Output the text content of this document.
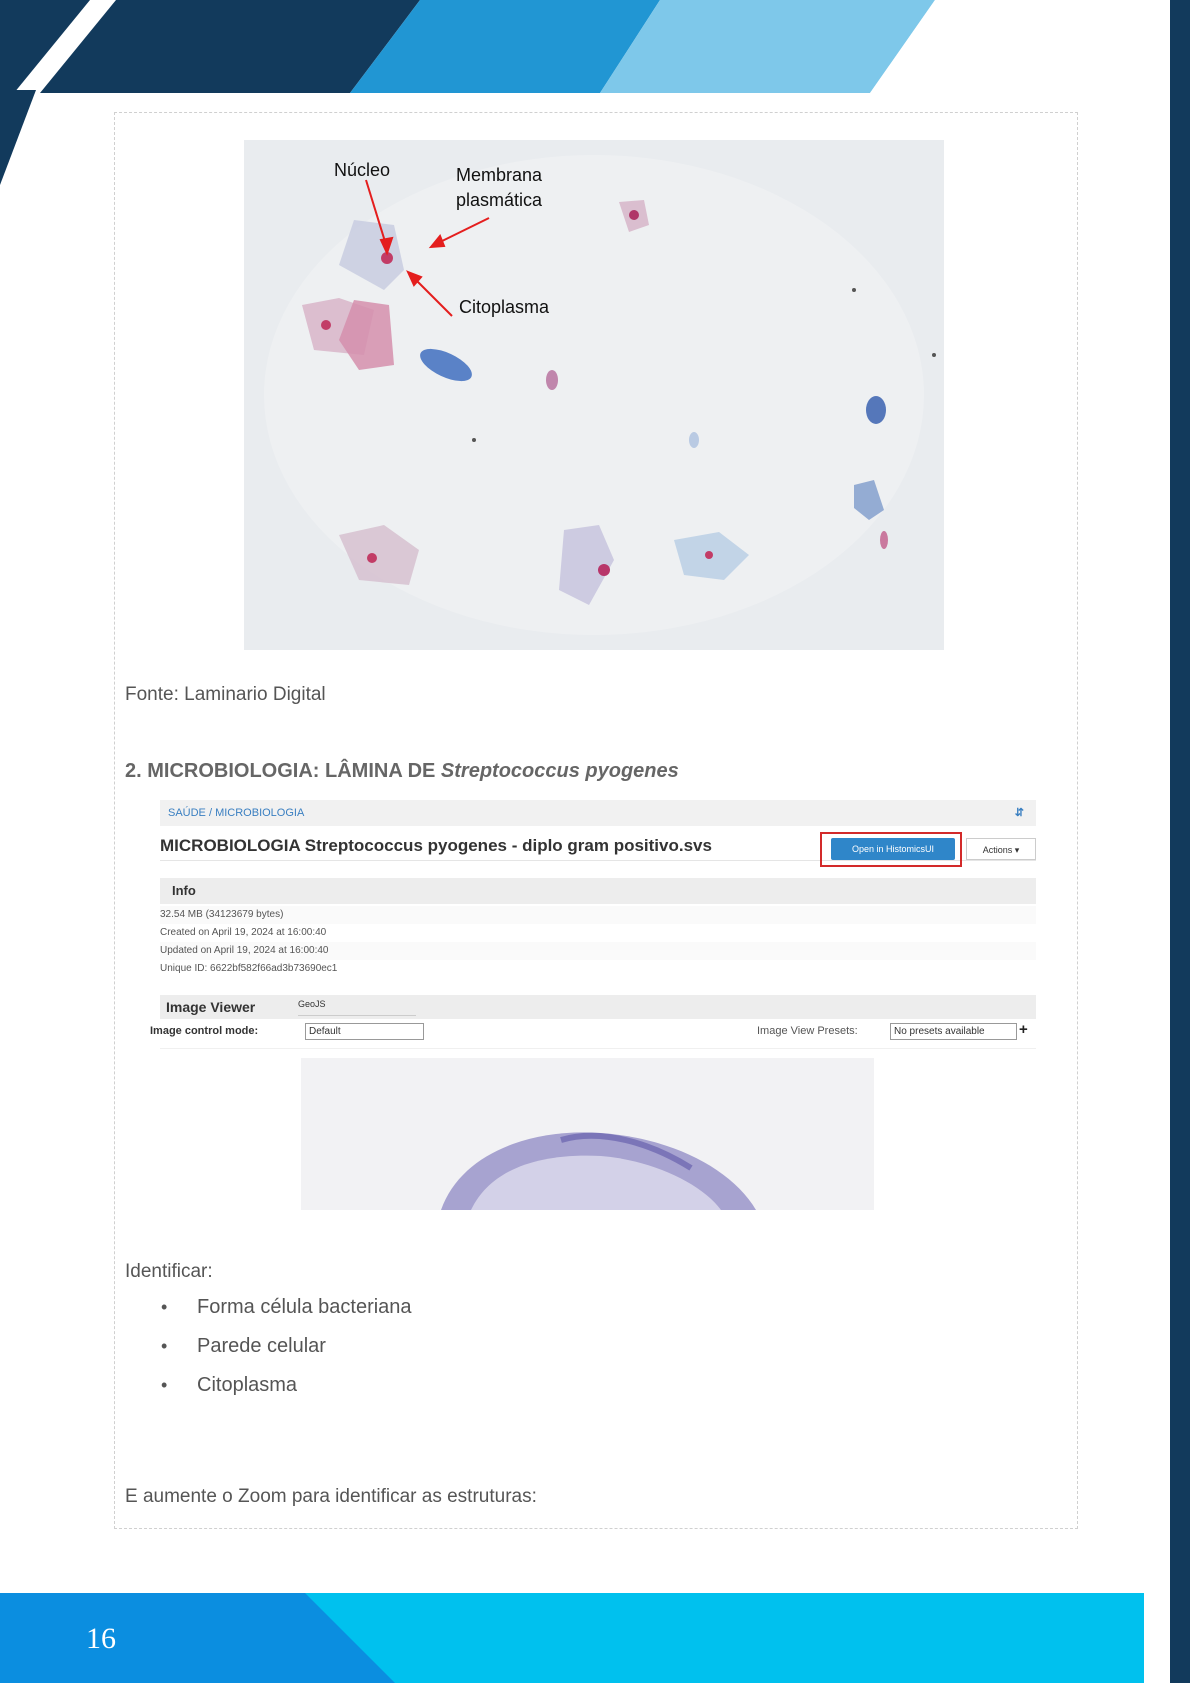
Núcleo	Membrana
plasmática
Citoplasma
Fonte: Laminario Digital
2. MICROBIOLOGIA: LÂMINA DE Streptococcus pyogenes
SAÚDE / MICROBIOLOGIA	⇵
MICROBIOLOGIA Streptococcus pyogenes - diplo gram positivo.svs	Open in HistomicsUI	Actions ▾
Info
32.54 MB (34123679 bytes)
Created on April 19, 2024 at 16:00:40
Updated on April 19, 2024 at 16:00:40
Unique ID: 6622bf582f66ad3b73690ec1
Image Viewer	GeoJS
Image control mode:	Default	Image View Presets:	No presets available	+
Identificar:
• Forma célula bacteriana
• Parede celular
• Citoplasma
E aumente o Zoom para identificar as estruturas:
16
